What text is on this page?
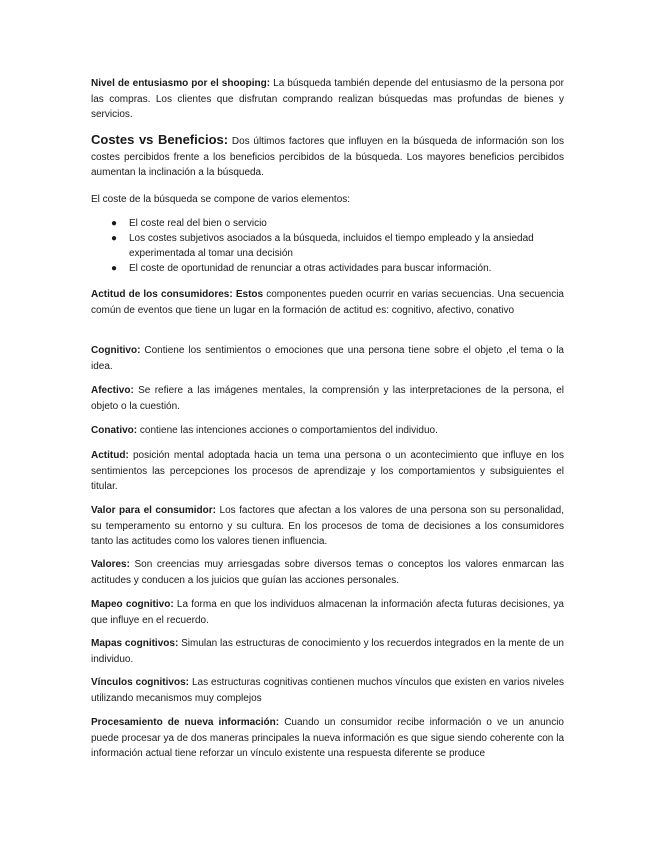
Nivel de entusiasmo por el shooping: La búsqueda también depende del entusiasmo de la persona por las compras. Los clientes que disfrutan comprando realizan búsquedas mas profundas de bienes y servicios.

Costes vs Beneficios: Dos últimos factores que influyen en la búsqueda de información son los costes percibidos frente a los beneficios percibidos de la búsqueda. Los mayores beneficios percibidos aumentan la inclinación a la búsqueda.

El coste de la búsqueda se compone de varios elementos:

● El coste real del bien o servicio
● Los costes subjetivos asociados a la búsqueda, incluidos el tiempo empleado y la ansiedad experimentada al tomar una decisión
● El coste de oportunidad de renunciar a otras actividades para buscar información.

Actitud de los consumidores: Estos componentes pueden ocurrir en varias secuencias. Una secuencia común de eventos que tiene un lugar en la formación de actitud es: cognitivo, afectivo, conativo

Cognitivo: Contiene los sentimientos o emociones que una persona tiene sobre el objeto ,el tema o la idea.

Afectivo: Se refiere a las imágenes mentales, la comprensión y las interpretaciones de la persona, el objeto o la cuestión.

Conativo: contiene las intenciones acciones o comportamientos del individuo.

Actitud: posición mental adoptada hacia un tema una persona o un acontecimiento que influye en los sentimientos las percepciones los procesos de aprendizaje y los comportamientos y subsiguientes el titular.

Valor para el consumidor: Los factores que afectan a los valores de una persona son su personalidad, su temperamento su entorno y su cultura. En los procesos de toma de decisiones a los consumidores tanto las actitudes como los valores tienen influencia.

Valores: Son creencias muy arriesgadas sobre diversos temas o conceptos los valores enmarcan las actitudes y conducen a los juicios que guían las acciones personales.

Mapeo cognitivo: La forma en que los individuos almacenan la información afecta futuras decisiones, ya que influye en el recuerdo.

Mapas cognitivos: Simulan las estructuras de conocimiento y los recuerdos integrados en la mente de un individuo.

Vínculos cognitivos: Las estructuras cognitivas contienen muchos vínculos que existen en varios niveles utilizando mecanismos muy complejos

Procesamiento de nueva información: Cuando un consumidor recibe información o ve un anuncio puede procesar ya de dos maneras principales la nueva información es que sigue siendo coherente con la información actual tiene reforzar un vínculo existente una respuesta diferente se produce
